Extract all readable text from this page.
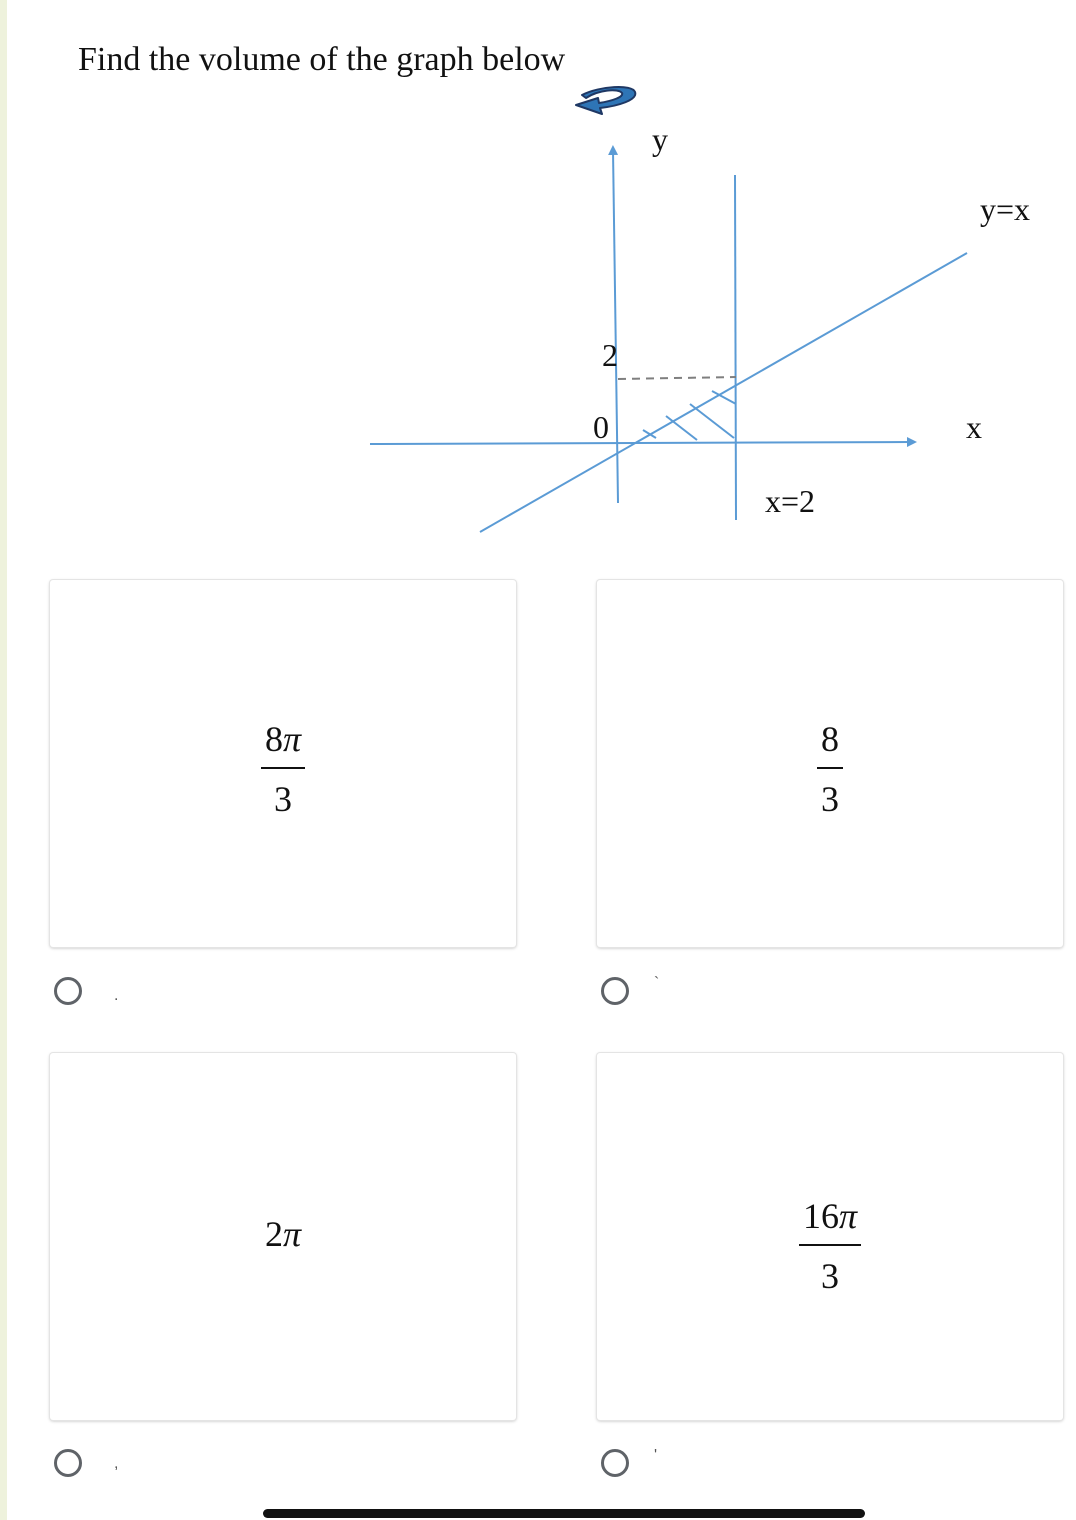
Find the volume of the graph below
y
x
x=2
y=x
2
0
$\frac{8\pi}{3}$
.
$\frac{8}{3}$
`
2π
,
$\frac{16\pi}{3}$
'
